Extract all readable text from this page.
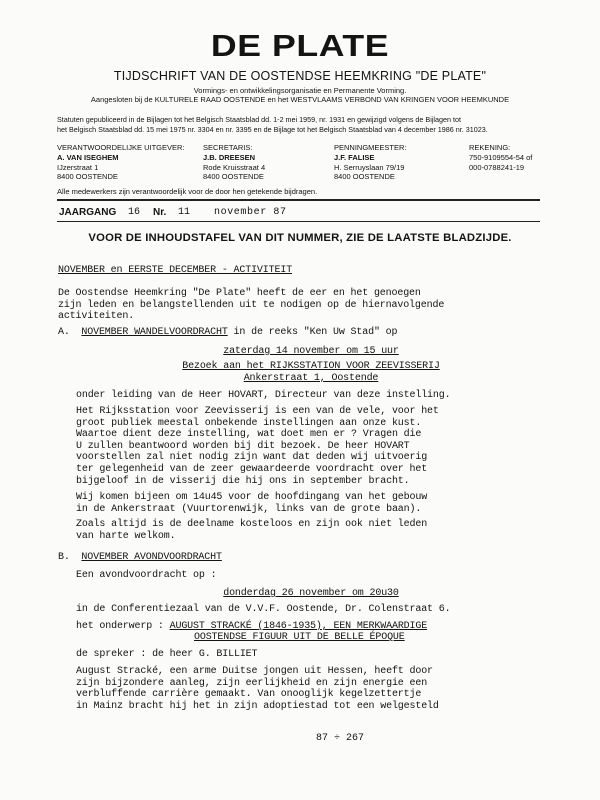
DE PLATE
TIJDSCHRIFT VAN DE OOSTENDSE HEEMKRING "DE PLATE"
Vormings- en ontwikkelingsorganisatie en Permanente Vorming.
Aangesloten bij de KULTURELE RAAD OOSTENDE en het WESTVLAAMS VERBOND VAN KRINGEN VOOR HEEMKUNDE
Statuten gepubliceerd in de Bijlagen tot het Belgisch Staatsblad dd. 1-2 mei 1959, nr. 1931 en gewijzigd volgens de Bijlagen tot
het Belgisch Staatsblad dd. 15 mei 1975 nr. 3304 en nr. 3395 en de Bijlage tot het Belgisch Staatsblad van 4 december 1986 nr. 31023.
VERANTWOORDELIJKE UITGEVER:
A. VAN ISEGHEM
IJzerstraat 1
8400 OOSTENDE
SECRETARIS:
J.B. DREESEN
Rode Kruisstraat 4
8400 OOSTENDE
PENNINGMEESTER:
J.F. FALISE
H. Serruyslaan 79/19
8400 OOSTENDE
REKENING:
750-9109554-54 of
000-0788241-19
Alle medewerkers zijn verantwoordelijk voor de door hen getekende bijdragen.
JAARGANG 16 Nr. 11 november 87
VOOR DE INHOUDSTAFEL VAN DIT NUMMER, ZIE DE LAATSTE BLADZIJDE.
NOVEMBER en EERSTE DECEMBER - ACTIVITEIT
De Oostendse Heemkring "De Plate" heeft de eer en het genoegen
zijn leden en belangstellenden uit te nodigen op de hiernavolgende
activiteiten.
A. NOVEMBER WANDELVOORDRACHT in de reeks "Ken Uw Stad" op
zaterdag 14 november om 15 uur
Bezoek aan het RIJKSSTATION VOOR ZEEVISSERIJ
Ankerstraat 1, Oostende
onder leiding van de Heer HOVART, Directeur van deze instelling.
Het Rijksstation voor Zeevisserij is een van de vele, voor het
groot publiek meestal onbekende instellingen aan onze kust.
Waartoe dient deze instelling, wat doet men er ? Vragen die
U zullen beantwoord worden bij dit bezoek. De heer HOVART
voorstellen zal niet nodig zijn want dat deden wij uitvoerig
ter gelegenheid van de zeer gewaardeerde voordracht over het
bijgeloof in de visserij die hij ons in september bracht.
Wij komen bijeen om 14u45 voor de hoofdingang van het gebouw
in de Ankerstraat (Vuurtorenwijk, links van de grote baan).
Zoals altijd is de deelname kosteloos en zijn ook niet leden
van harte welkom.
B. NOVEMBER AVONDVOORDRACHT
Een avondvoordracht op :
donderdag 26 november om 20u30
in de Conferentiezaal van de V.V.F. Oostende, Dr. Colenstraat 6.
het onderwerp : AUGUST STRACKÉ (1846-1935), EEN MERKWAARDIGE
OOSTENDSE FIGUUR UIT DE BELLE ÉPOQUE
de spreker : de heer G. BILLIET
August Stracké, een arme Duitse jongen uit Hessen, heeft door
zijn bijzondere aanleg, zijn eerlijkheid en zijn energie een
verbluffende carrière gemaakt. Van onooglijk kegelzettertje
in Mainz bracht hij het in zijn adoptiestad tot een welgesteld
87 ÷ 267
